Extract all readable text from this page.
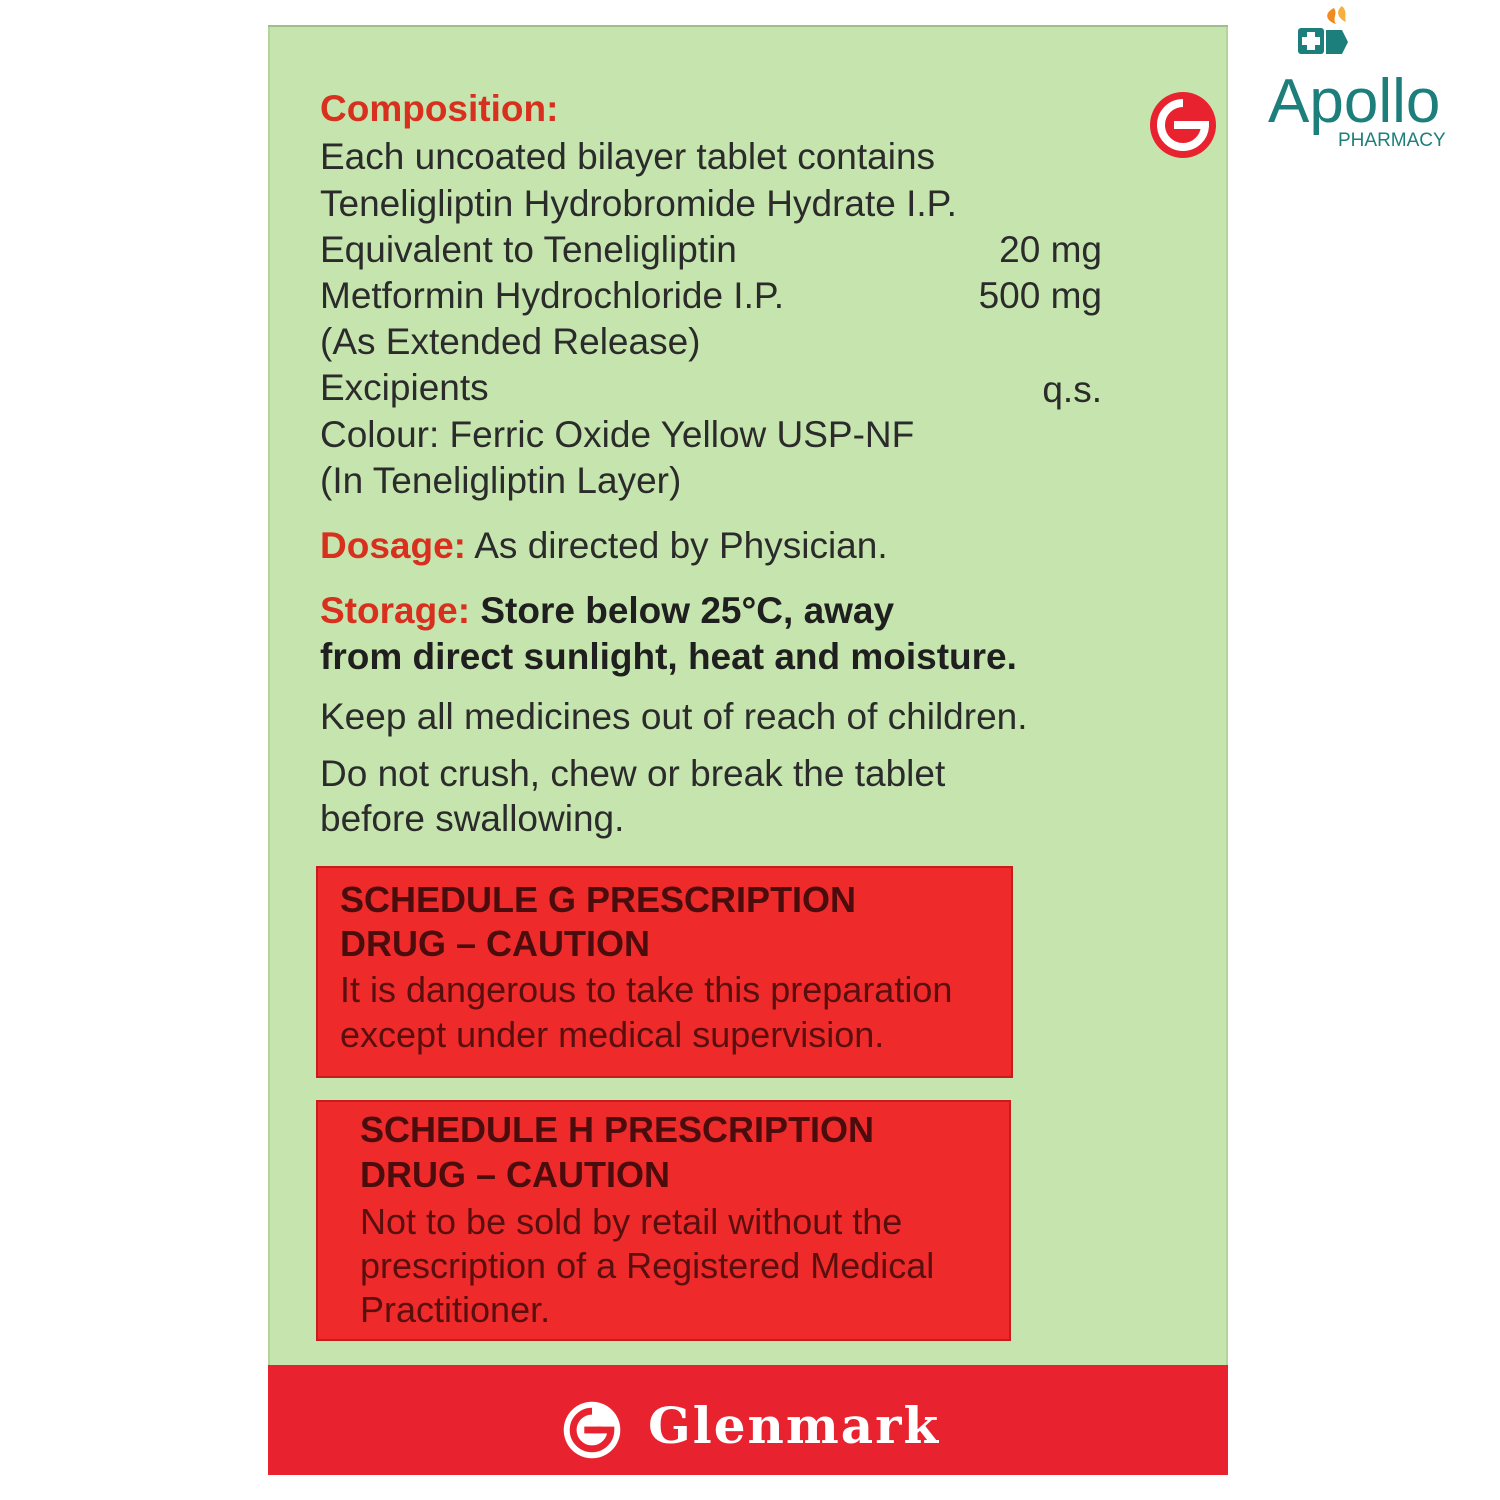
Apollo
PHARMACY
Composition:
Each uncoated bilayer tablet contains
Teneligliptin Hydrobromide Hydrate I.P.
Equivalent to Teneligliptin	20 mg
Metformin Hydrochloride I.P.	500 mg
(As Extended Release)
Excipients	q.s.
Colour: Ferric Oxide Yellow USP-NF
(In Teneligliptin Layer)
Dosage: As directed by Physician.
Storage: Store below 25°C, away
from direct sunlight, heat and moisture.
Keep all medicines out of reach of children.
Do not crush, chew or break the tablet
before swallowing.
SCHEDULE G PRESCRIPTION
DRUG – CAUTION
It is dangerous to take this preparation
except under medical supervision.
SCHEDULE H PRESCRIPTION
DRUG – CAUTION
Not to be sold by retail without the
prescription of a Registered Medical
Practitioner.
Glenmark
